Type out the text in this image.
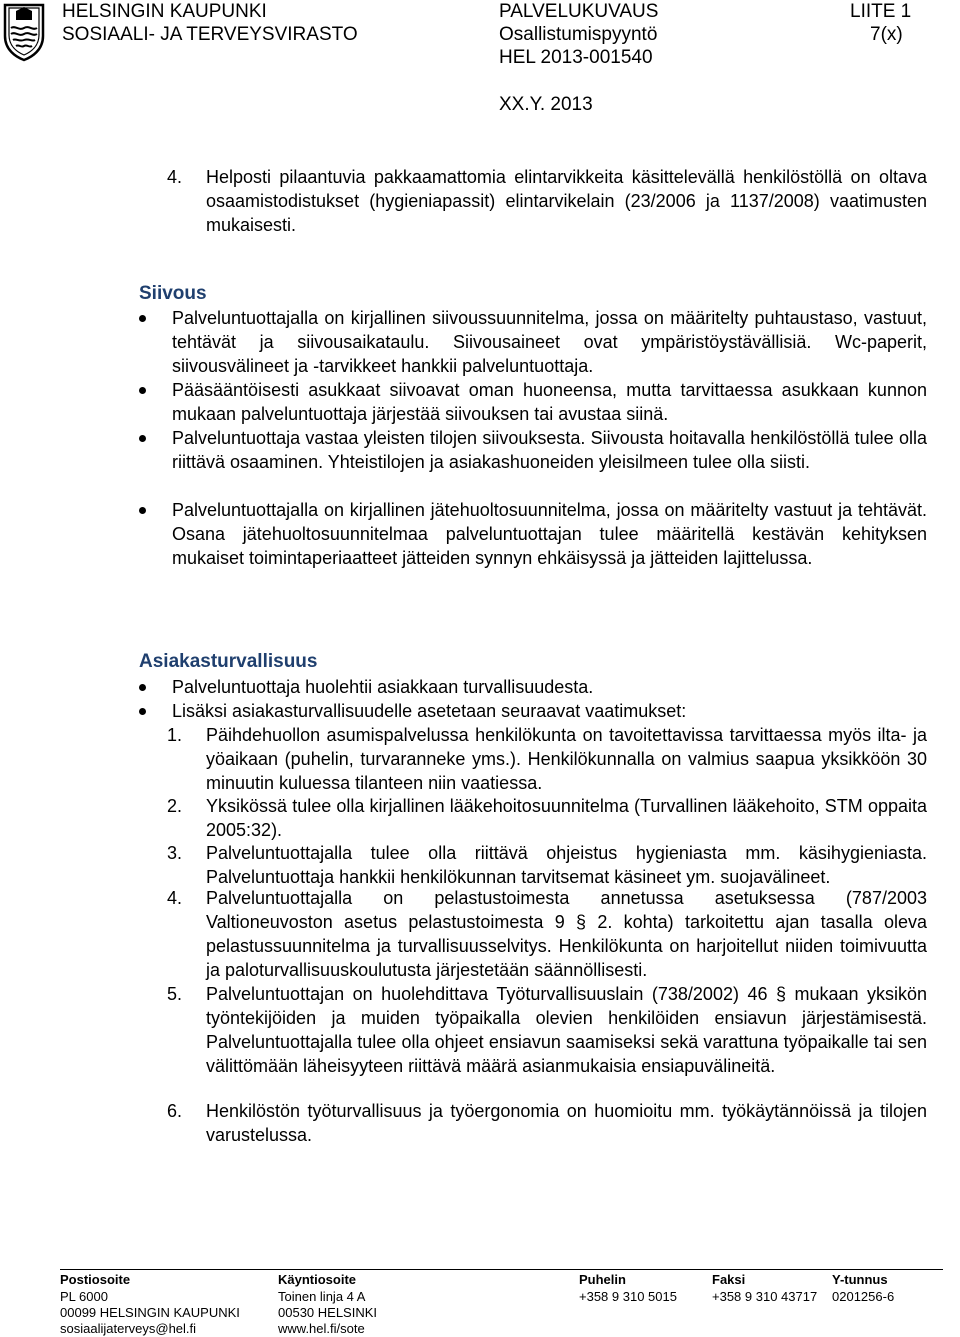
HELSINGIN KAUPUNKI
SOSIAALI- JA TERVEYSVIRASTO
PALVELUKUVAUS
Osallistumispyyntö
HEL 2013-001540
LIITE 1
7(x)
XX.Y. 2013
4. Helposti pilaantuvia pakkaamattomia elintarvikkeita käsittelevällä henkilöstöllä on oltava osaamistodistukset (hygieniapassit) elintarvikelain (23/2006 ja 1137/2008) vaatimusten mukaisesti.
Siivous
Palveluntuottajalla on kirjallinen siivoussuunnitelma, jossa on määritelty puhtaustaso, vastuut, tehtävät ja siivousaikataulu. Siivousaineet ovat ympäristöystävällisiä. Wc-paperit, siivousvälineet ja -tarvikkeet hankkii palveluntuottaja.
Pääsääntöisesti asukkaat siivoavat oman huoneensa, mutta tarvittaessa asukkaan kunnon mukaan palveluntuottaja järjestää siivouksen tai avustaa siinä.
Palveluntuottaja vastaa yleisten tilojen siivouksesta. Siivousta hoitavalla henkilöstöllä tulee olla riittävä osaaminen. Yhteistilojen ja asiakashuoneiden yleisilmeen tulee olla siisti.
Palveluntuottajalla on kirjallinen jätehuoltosuunnitelma, jossa on määritelty vastuut ja tehtävät. Osana jätehuoltosuunnitelmaa palveluntuottajan tulee määritellä kestävän kehityksen mukaiset toimintaperiaatteet jätteiden synnyn ehkäisyssä ja jätteiden lajittelussa.
Asiakasturvallisuus
Palveluntuottaja huolehtii asiakkaan turvallisuudesta.
Lisäksi asiakasturvallisuudelle asetetaan seuraavat vaatimukset:
1. Päihdehuollon asumispalvelussa henkilökunta on tavoitettavissa tarvittaessa myös ilta- ja yöaikaan (puhelin, turvaranneke yms.). Henkilökunnalla on valmius saapua yksikköön 30 minuutin kuluessa tilanteen niin vaatiessa.
2. Yksikössä tulee olla kirjallinen lääkehoitosuunnitelma (Turvallinen lääkehoito, STM oppaita 2005:32).
3. Palveluntuottajalla tulee olla riittävä ohjeistus hygieniasta mm. käsihygieniasta. Palveluntuottaja hankkii henkilökunnan tarvitsemat käsineet ym. suojavälineet.
4. Palveluntuottajalla on pelastustoimesta annetussa asetuksessa (787/2003 Valtioneuvoston asetus pelastustoimesta 9 § 2. kohta) tarkoitettu ajan tasalla oleva pelastussuunnitelma ja turvallisuusselvitys. Henkilökunta on harjoitellut niiden toimivuutta ja paloturvallisuuskoulutusta järjestetään säännöllisesti.
5. Palveluntuottajan on huolehdittava Työturvallisuuslain (738/2002) 46 § mukaan yksikön työntekijöiden ja muiden työpaikalla olevien henkilöiden ensiavun järjestämisestä. Palveluntuottajalla tulee olla ohjeet ensiavun saamiseksi sekä varattuna työpaikalle tai sen välittömään läheisyyteen riittävä määrä asianmukaisia ensiapuvälineitä.
6. Henkilöstön työturvallisuus ja työergonomia on huomioitu mm. työkäytännöissä ja tilojen varustelussa.
Postiosoite
PL 6000
00099 HELSINGIN KAUPUNKI
sosiaalijaterveys@hel.fi
Käyntiosoite
Toinen linja 4 A
00530 HELSINKI
www.hel.fi/sote
Puhelin
+358 9 310 5015
Faksi
+358 9 310 43717
Y-tunnus
0201256-6
